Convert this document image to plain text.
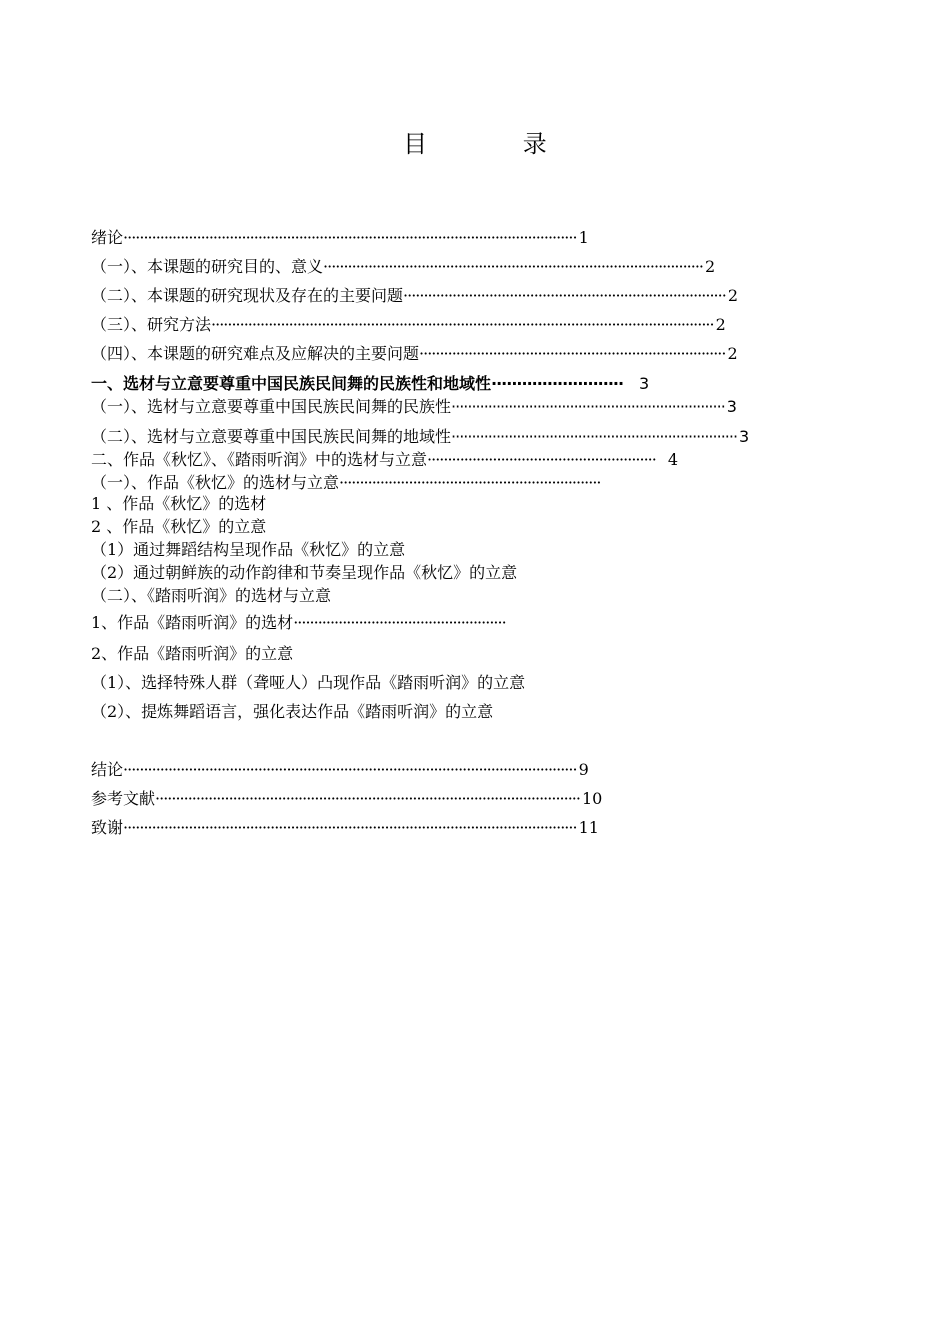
目 录
绪论··············································································································· 1
（一）、本课题的研究目的、意义····························································································· 2
（二）、本课题的研究现状及存在的主要问题··············································································· 2
（三）、研究方法··························································································································· 2
（四）、本课题的研究难点及应解决的主要问题··········································································· 2
一、选材与立意要尊重中国民族民间舞的民族性和地域性·························· 3
（一）、选材与立意要尊重中国民族民间舞的民族性··································································· 3
（二）、选材与立意要尊重中国民族民间舞的地域性······································································ 3
二、作品《秋忆》、《踏雨听润》中的选材与立意························································ 4
（一）、作品《秋忆》的选材与立意································································
1 、作品《秋忆》的选材
2 、作品《秋忆》的立意
（1）通过舞蹈结构呈现作品《秋忆》的立意
（2）通过朝鲜族的动作韵律和节奏呈现作品《秋忆》的立意
（二）、《踏雨听润》的选材与立意
1、作品《踏雨听润》的选材····················································
2、作品《踏雨听润》的立意
（1）、选择特殊人群（聋哑人）凸现作品《踏雨听润》的立意
（2）、提炼舞蹈语言，强化表达作品《踏雨听润》的立意
结论··············································································································· 9
参考文献········································································································ 10
致谢··············································································································· 11
